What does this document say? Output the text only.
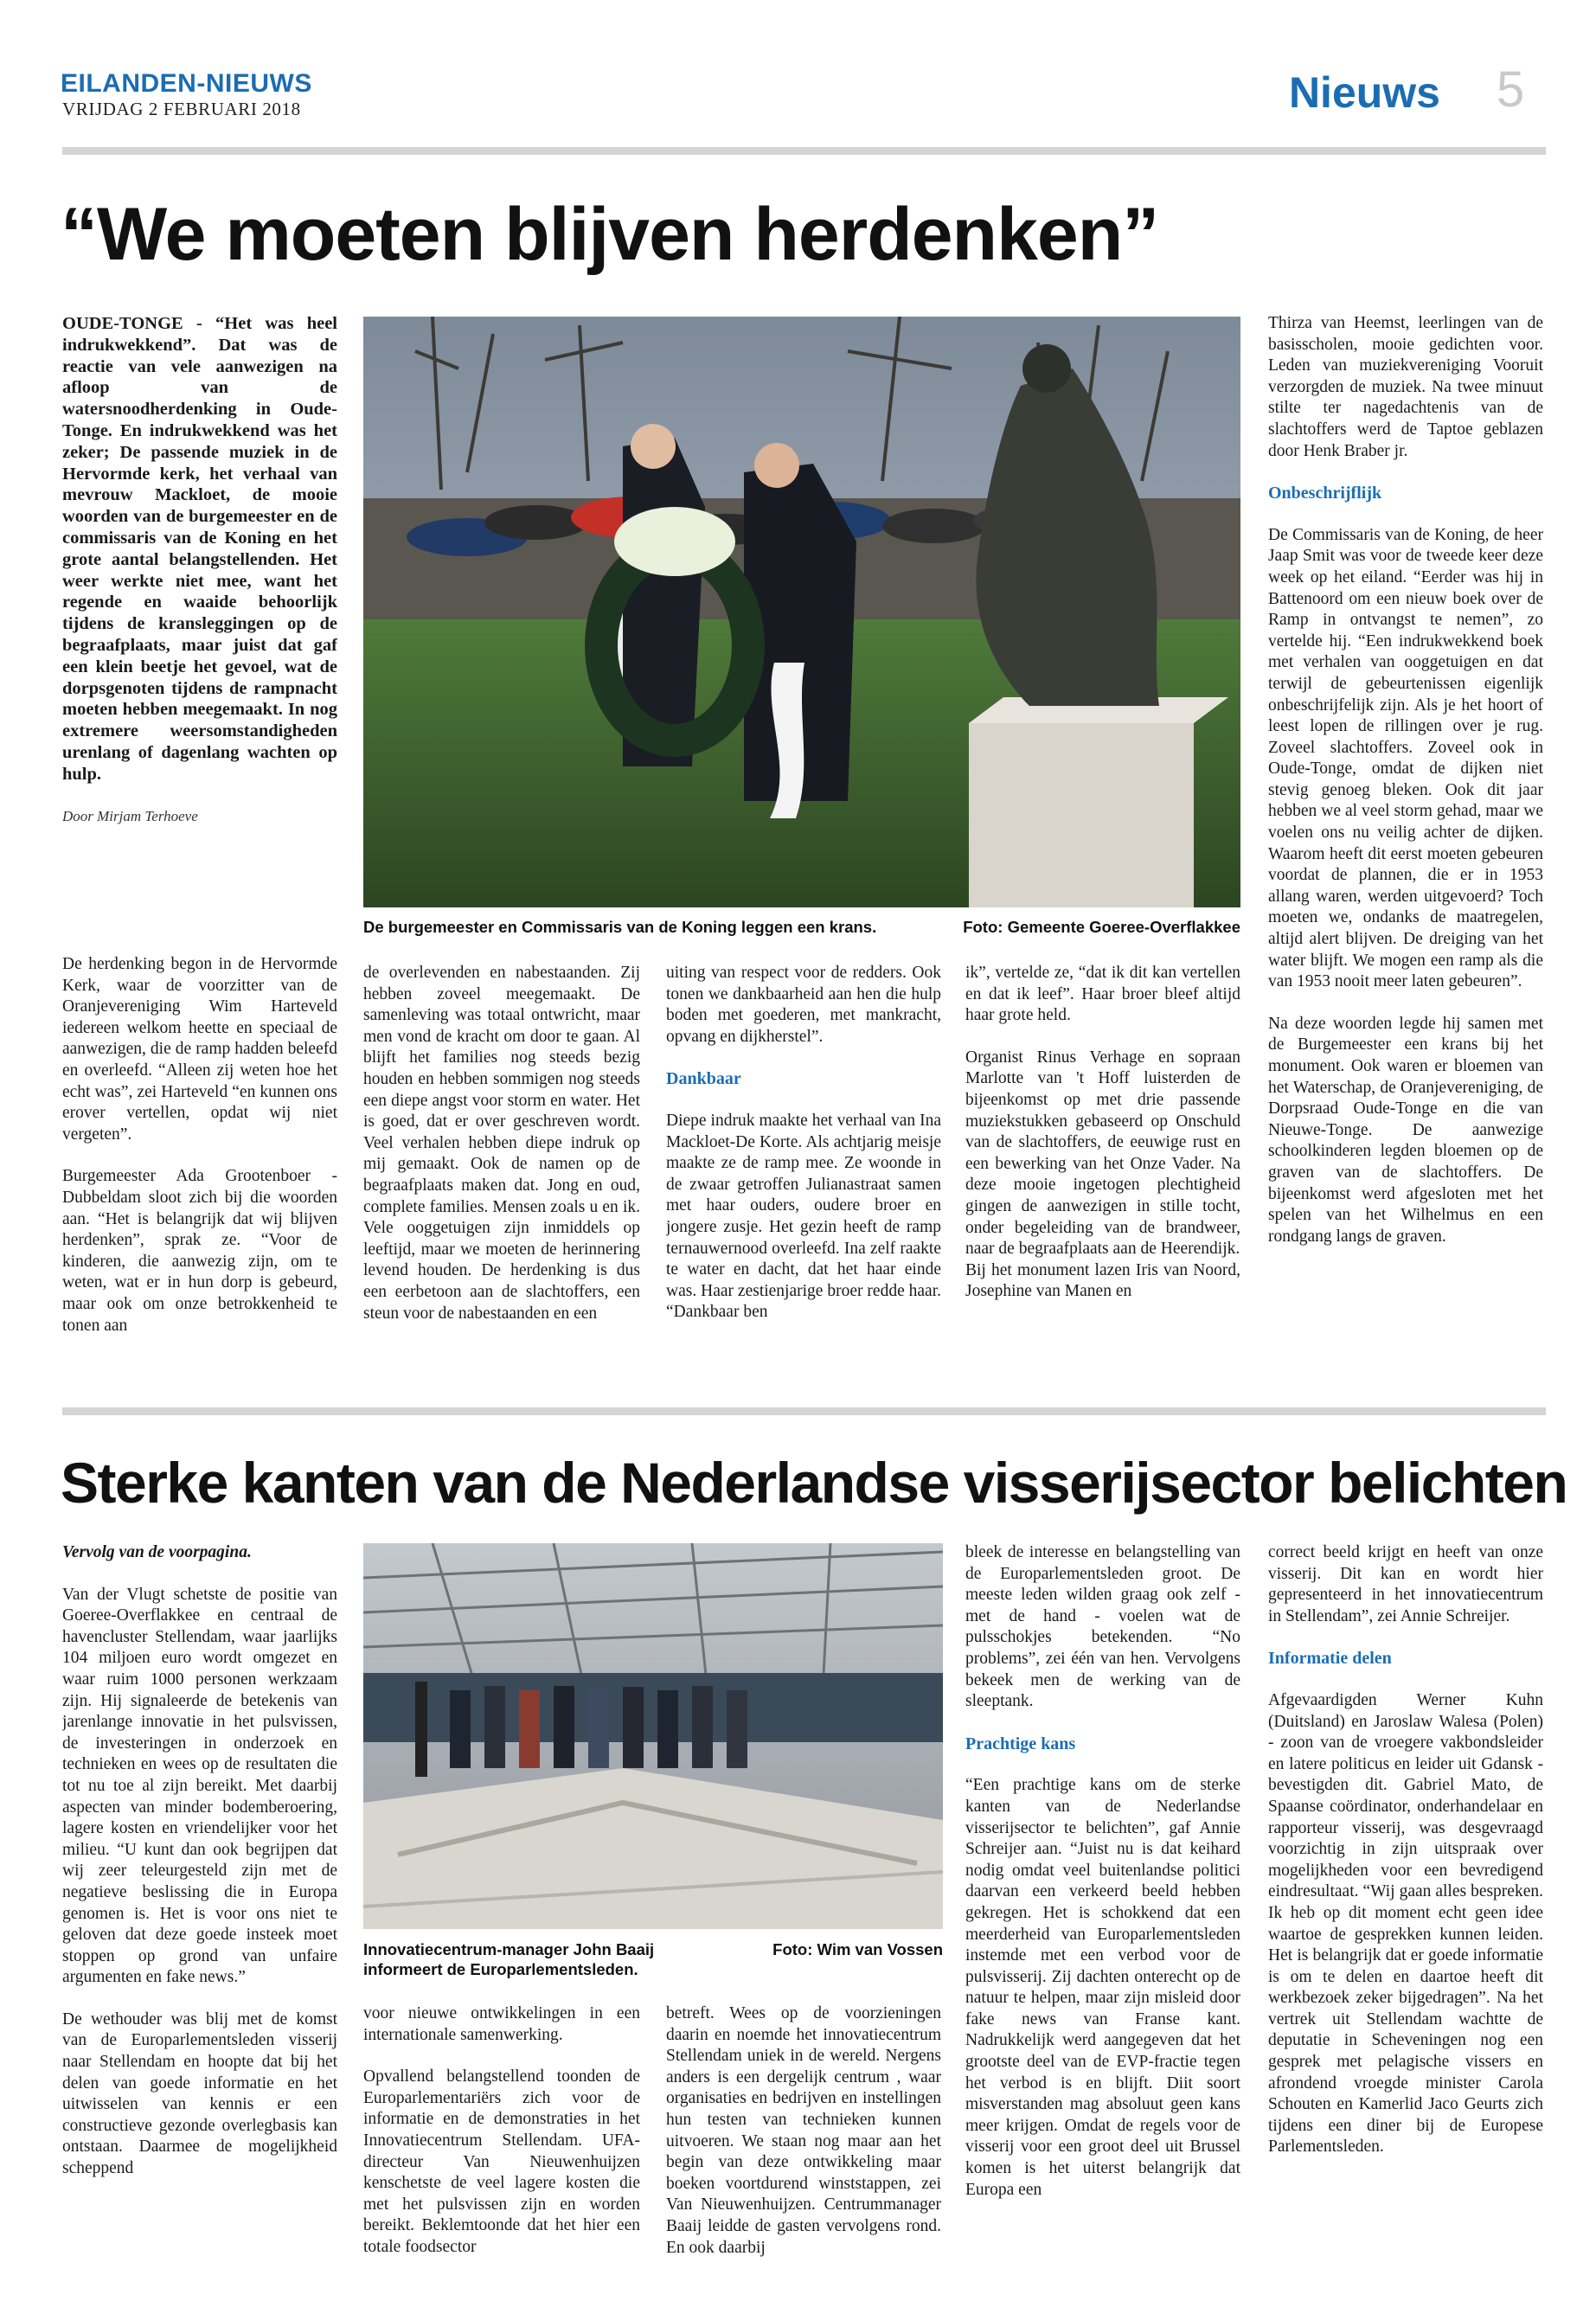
EILANDEN-NIEUWS
VRIJDAG 2 FEBRUARI 2018	Nieuws 5
“We moeten blijven herdenken”

OUDE-TONGE - “Het was heel indrukwekkend”. Dat was de reactie van vele aanwezigen na afloop van de watersnoodherdenking in Oude-Tonge. En indrukwekkend was het zeker; De passende muziek in de Hervormde kerk, het verhaal van mevrouw Mackloet, de mooie woorden van de burgemeester en de commissaris van de Koning en het grote aantal belangstellenden. Het weer werkte niet mee, want het regende en waaide behoorlijk tijdens de kransleggingen op de begraafplaats, maar juist dat gaf een klein beetje het gevoel, wat de dorpsgenoten tijdens de rampnacht moeten hebben meegemaakt. In nog extremere weersomstandigheden urenlang of dagenlang wachten op hulp.

Door Mirjam Terhoeve

De burgemeester en Commissaris van de Koning leggen een krans.	Foto: Gemeente Goeree-Overflakkee

De herdenking begon in de Hervormde Kerk, waar de voorzitter van de Oranjevereniging Wim Harteveld iedereen welkom heette en speciaal de aanwezigen, die de ramp hadden beleefd en overleefd. “Alleen zij weten hoe het echt was”, zei Harteveld “en kunnen ons erover vertellen, opdat wij niet vergeten”.

Burgemeester Ada Grootenboer - Dubbeldam sloot zich bij die woorden aan. “Het is belangrijk dat wij blijven herdenken”, sprak ze. “Voor de kinderen, die aanwezig zijn, om te weten, wat er in hun dorp is gebeurd, maar ook om onze betrokkenheid te tonen aan

de overlevenden en nabestaanden. Zij hebben zoveel meegemaakt. De samenleving was totaal ontwricht, maar men vond de kracht om door te gaan. Al blijft het families nog steeds bezig houden en hebben sommigen nog steeds een diepe angst voor storm en water. Het is goed, dat er over geschreven wordt. Veel verhalen hebben diepe indruk op mij gemaakt. Ook de namen op de begraafplaats maken dat. Jong en oud, complete families. Mensen zoals u en ik. Vele ooggetuigen zijn inmiddels op leeftijd, maar we moeten de herinnering levend houden. De herdenking is dus een eerbetoon aan de slachtoffers, een steun voor de nabestaanden en een

uiting van respect voor de redders. Ook tonen we dankbaarheid aan hen die hulp boden met goederen, met mankracht, opvang en dijkherstel”.

Dankbaar

Diepe indruk maakte het verhaal van Ina Mackloet-De Korte. Als achtjarig meisje maakte ze de ramp mee. Ze woonde in de zwaar getroffen Julianastraat samen met haar ouders, oudere broer en jongere zusje. Het gezin heeft de ramp ternauwernood overleefd. Ina zelf raakte te water en dacht, dat het haar einde was. Haar zestienjarige broer redde haar. “Dankbaar ben

ik”, vertelde ze, “dat ik dit kan vertellen en dat ik leef”. Haar broer bleef altijd haar grote held.

Organist Rinus Verhage en sopraan Marlotte van 't Hoff luisterden de bijeenkomst op met drie passende muziekstukken gebaseerd op Onschuld van de slachtoffers, de eeuwige rust en een bewerking van het Onze Vader. Na deze mooie ingetogen plechtigheid gingen de aanwezigen in stille tocht, onder begeleiding van de brandweer, naar de begraafplaats aan de Heerendijk.

Bij het monument lazen Iris van Noord, Josephine van Manen en

Thirza van Heemst, leerlingen van de basisscholen, mooie gedichten voor. Leden van muziekvereniging Vooruit verzorgden de muziek. Na twee minuut stilte ter nagedachtenis van de slachtoffers werd de Taptoe geblazen door Henk Braber jr.

Onbeschrijflijk

De Commissaris van de Koning, de heer Jaap Smit was voor de tweede keer deze week op het eiland. “Eerder was hij in Battenoord om een nieuw boek over de Ramp in ontvangst te nemen”, zo vertelde hij. “Een indrukwekkend boek met verhalen van ooggetuigen en dat terwijl de gebeurtenissen eigenlijk onbeschrijfelijk zijn. Als je het hoort of leest lopen de rillingen over je rug. Zoveel slachtoffers. Zoveel ook in Oude-Tonge, omdat de dijken niet stevig genoeg bleken. Ook dit jaar hebben we al veel storm gehad, maar we voelen ons nu veilig achter de dijken. Waarom heeft dit eerst moeten gebeuren voordat de plannen, die er in 1953 allang waren, werden uitgevoerd? Toch moeten we, ondanks de maatregelen, altijd alert blijven. De dreiging van het water blijft. We mogen een ramp als die van 1953 nooit meer laten gebeuren”.

Na deze woorden legde hij samen met de Burgemeester een krans bij het monument. Ook waren er bloemen van het Waterschap, de Oranjevereniging, de Dorpsraad Oude-Tonge en die van Nieuwe-Tonge. De aanwezige schoolkinderen legden bloemen op de graven van de slachtoffers. De bijeenkomst werd afgesloten met het spelen van het Wilhelmus en een rondgang langs de graven.

Sterke kanten van de Nederlandse visserijsector belichten

Vervolg van de voorpagina.

Van der Vlugt schetste de positie van Goeree-Overflakkee en centraal de havencluster Stellendam, waar jaarlijks 104 miljoen euro wordt omgezet en waar ruim 1000 personen werkzaam zijn. Hij signaleerde de betekenis van jarenlange innovatie in het pulsvissen, de investeringen in onderzoek en technieken en wees op de resultaten die tot nu toe al zijn bereikt. Met daarbij aspecten van minder bodemberoering, lagere kosten en vriendelijker voor het milieu. “U kunt dan ook begrijpen dat wij zeer teleurgesteld zijn met de negatieve beslissing die in Europa genomen is. Het is voor ons niet te geloven dat deze goede insteek moet stoppen op grond van unfaire argumenten en fake news.”

De wethouder was blij met de komst van de Europarlementsleden visserij naar Stellendam en hoopte dat bij het delen van goede informatie en het uitwisselen van kennis er een constructieve gezonde overlegbasis kan ontstaan. Daarmee de mogelijkheid scheppend

Innovatiecentrum-manager John Baaij informeert de Europarlementsleden.
Foto: Wim van Vossen

voor nieuwe ontwikkelingen in een internationale samenwerking.

Opvallend belangstellend toonden de Europarlementariërs zich voor de informatie en de demonstraties in het Innovatiecentrum Stellendam. UFA-directeur Van Nieuwenhuijzen kenschetste de veel lagere kosten die met het pulsvissen zijn en worden bereikt. Beklemtoonde dat het hier een totale foodsector

betreft. Wees op de voorzieningen daarin en noemde het innovatiecentrum Stellendam uniek in de wereld. Nergens anders is een dergelijk centrum , waar organisaties en bedrijven en instellingen hun testen van technieken kunnen uitvoeren. We staan nog maar aan het begin van deze ontwikkeling maar boeken voortdurend winststappen, zei Van Nieuwenhuijzen. Centrummanager Baaij leidde de gasten vervolgens rond. En ook daarbij

bleek de interesse en belangstelling van de Europarlementsleden groot. De meeste leden wilden graag ook zelf - met de hand - voelen wat de pulsschokjes betekenden. “No problems”, zei één van hen. Vervolgens bekeek men de werking van de sleeptank.

Prachtige kans

“Een prachtige kans om de sterke kanten van de Nederlandse visserijsector te belichten”, gaf Annie Schreijer aan. “Juist nu is dat keihard nodig omdat veel buitenlandse politici daarvan een verkeerd beeld hebben gekregen. Het is schokkend dat een meerderheid van Europarlementsleden instemde met een verbod voor de pulsvisserij. Zij dachten onterecht op de natuur te helpen, maar zijn misleid door fake news van Franse kant. Nadrukkelijk werd aangegeven dat het grootste deel van de EVP-fractie tegen het verbod is en blijft. Diit soort misverstanden mag absoluut geen kans meer krijgen. Omdat de regels voor de visserij voor een groot deel uit Brussel komen is het uiterst belangrijk dat Europa een

correct beeld krijgt en heeft van onze visserij. Dit kan en wordt hier gepresenteerd in het innovatiecentrum in Stellendam”, zei Annie Schreijer.

Informatie delen

Afgevaardigden Werner Kuhn (Duitsland) en Jaroslaw Walesa (Polen) - zoon van de vroegere vakbondsleider en latere politicus en leider uit Gdansk - bevestigden dit. Gabriel Mato, de Spaanse coördinator, onderhandelaar en rapporteur visserij, was desgevraagd voorzichtig in zijn uitspraak over mogelijkheden voor een bevredigend eindresultaat. “Wij gaan alles bespreken. Ik heb op dit moment echt geen idee waartoe de gesprekken kunnen leiden. Het is belangrijk dat er goede informatie is om te delen en daartoe heeft dit werkbezoek zeker bijgedragen”. Na het vertrek uit Stellendam wachtte de deputatie in Scheveningen nog een gesprek met pelagische vissers en afrondend vroegde minister Carola Schouten en Kamerlid Jaco Geurts zich tijdens een diner bij de Europese Parlementsleden.
